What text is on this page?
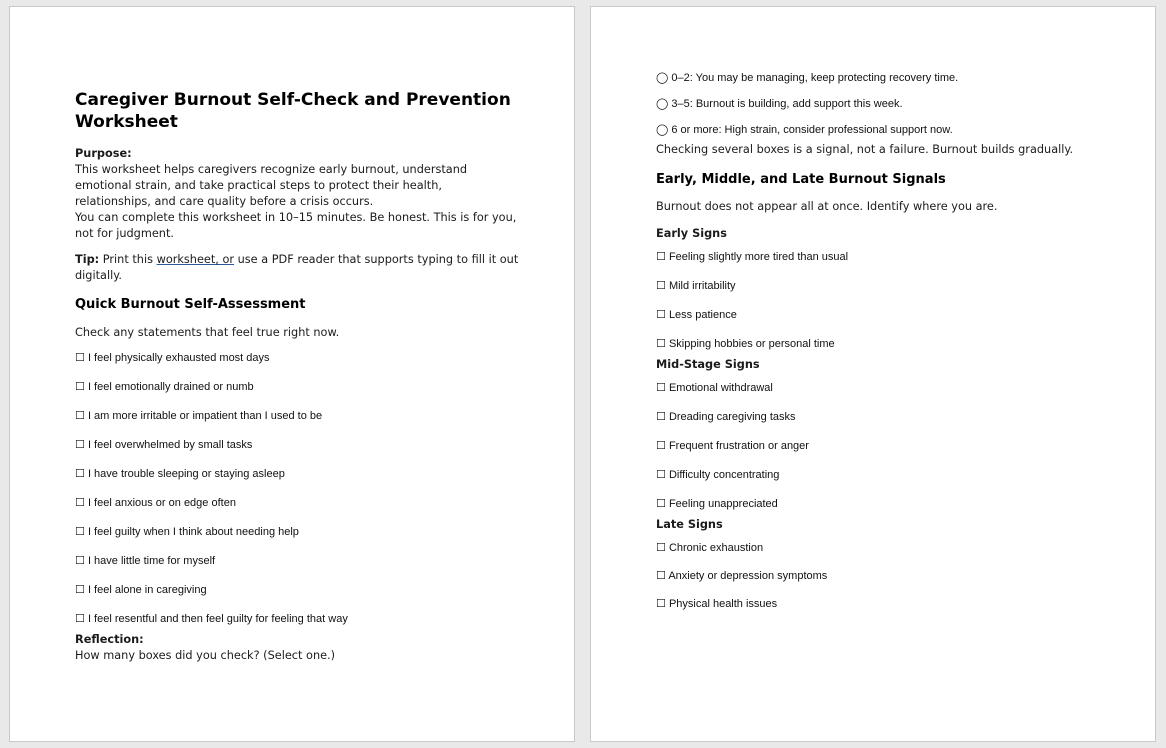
Caregiver Burnout Self-Check and Prevention Worksheet

Purpose:

This worksheet helps caregivers recognize early burnout, understand emotional strain, and take practical steps to protect their health, relationships, and care quality before a crisis occurs.

You can complete this worksheet in 10–15 minutes. Be honest. This is for you, not for judgment.

Tip: Print this worksheet, or use a PDF reader that supports typing to fill it out digitally.

Quick Burnout Self-Assessment

Check any statements that feel true right now.

☐ I feel physically exhausted most days

☐ I feel emotionally drained or numb

☐ I am more irritable or impatient than I used to be

☐ I feel overwhelmed by small tasks

☐ I have trouble sleeping or staying asleep

☐ I feel anxious or on edge often

☐ I feel guilty when I think about needing help

☐ I have little time for myself

☐ I feel alone in caregiving

☐ I feel resentful and then feel guilty for feeling that way

Reflection:

How many boxes did you check? (Select one.)

◯ 0–2: You may be managing, keep protecting recovery time.

◯ 3–5: Burnout is building, add support this week.

◯ 6 or more: High strain, consider professional support now.

Checking several boxes is a signal, not a failure. Burnout builds gradually.

Early, Middle, and Late Burnout Signals

Burnout does not appear all at once. Identify where you are.

Early Signs

☐ Feeling slightly more tired than usual

☐ Mild irritability

☐ Less patience

☐ Skipping hobbies or personal time

Mid-Stage Signs

☐ Emotional withdrawal

☐ Dreading caregiving tasks

☐ Frequent frustration or anger

☐ Difficulty concentrating

☐ Feeling unappreciated

Late Signs

☐ Chronic exhaustion

☐ Anxiety or depression symptoms

☐ Physical health issues
